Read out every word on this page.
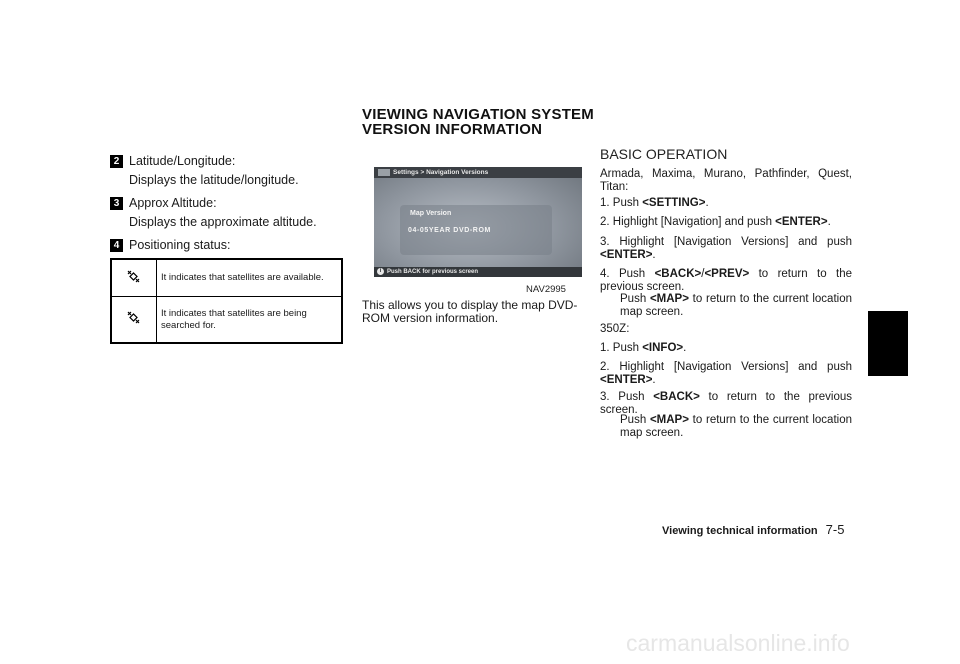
2 Latitude/Longitude:
Displays the latitude/longitude.
3 Approx Altitude:
Displays the approximate altitude.
4 Positioning status:
	It indicates that satellites are available.
	It indicates that satellites are being searched for.
VIEWING NAVIGATION SYSTEM
VERSION INFORMATION
Settings > Navigation Versions
Map Version
04-05YEAR DVD-ROM
i Push BACK for previous screen
NAV2995
This allows you to display the map DVD-ROM version information.
BASIC OPERATION
Armada, Maxima, Murano, Pathfinder, Quest, Titan:
1. Push <SETTING>.
2. Highlight [Navigation] and push <ENTER>.
3. Highlight [Navigation Versions] and push <ENTER>.
4. Push <BACK>/<PREV> to return to the previous screen.
Push <MAP> to return to the current location map screen.
350Z:
1. Push <INFO>.
2. Highlight [Navigation Versions] and push <ENTER>.
3. Push <BACK> to return to the previous screen.
Push <MAP> to return to the current location map screen.
Viewing technical information 7-5
carmanualsonline.info
